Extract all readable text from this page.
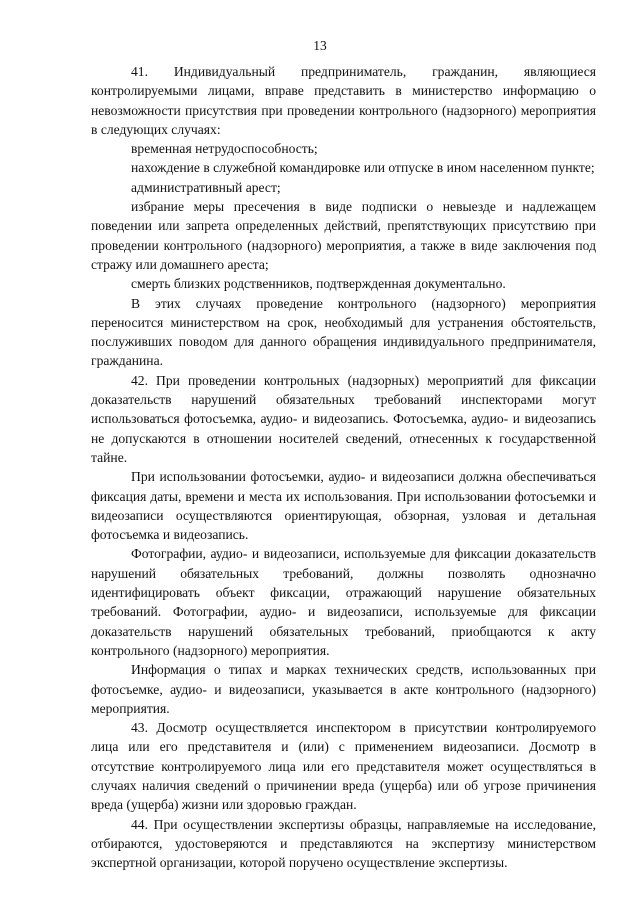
13

41. Индивидуальный предприниматель, гражданин, являющиеся контролируемыми лицами, вправе представить в министерство информацию о невозможности присутствия при проведении контрольного (надзорного) мероприятия в следующих случаях:

временная нетрудоспособность;

нахождение в служебной командировке или отпуске в ином населенном пункте;

административный арест;

избрание меры пресечения в виде подписки о невыезде и надлежащем поведении или запрета определенных действий, препятствующих присутствию при проведении контрольного (надзорного) мероприятия, а также в виде заключения под стражу или домашнего ареста;

смерть близких родственников, подтвержденная документально.

В этих случаях проведение контрольного (надзорного) мероприятия переносится министерством на срок, необходимый для устранения обстоятельств, послуживших поводом для данного обращения индивидуального предпринимателя, гражданина.

42. При проведении контрольных (надзорных) мероприятий для фиксации доказательств нарушений обязательных требований инспекторами могут использоваться фотосъемка, аудио- и видеозапись. Фотосъемка, аудио- и видеозапись не допускаются в отношении носителей сведений, отнесенных к государственной тайне.

При использовании фотосъемки, аудио- и видеозаписи должна обеспечиваться фиксация даты, времени и места их использования. При использовании фотосъемки и видеозаписи осуществляются ориентирующая, обзорная, узловая и детальная фотосъемка и видеозапись.

Фотографии, аудио- и видеозаписи, используемые для фиксации доказательств нарушений обязательных требований, должны позволять однозначно идентифицировать объект фиксации, отражающий нарушение обязательных требований. Фотографии, аудио- и видеозаписи, используемые для фиксации доказательств нарушений обязательных требований, приобщаются к акту контрольного (надзорного) мероприятия.

Информация о типах и марках технических средств, использованных при фотосъемке, аудио- и видеозаписи, указывается в акте контрольного (надзорного) мероприятия.

43. Досмотр осуществляется инспектором в присутствии контролируемого лица или его представителя и (или) с применением видеозаписи. Досмотр в отсутствие контролируемого лица или его представителя может осуществляться в случаях наличия сведений о причинении вреда (ущерба) или об угрозе причинения вреда (ущерба) жизни или здоровью граждан.

44. При осуществлении экспертизы образцы, направляемые на исследование, отбираются, удостоверяются и представляются на экспертизу министерством экспертной организации, которой поручено осуществление экспертизы.
